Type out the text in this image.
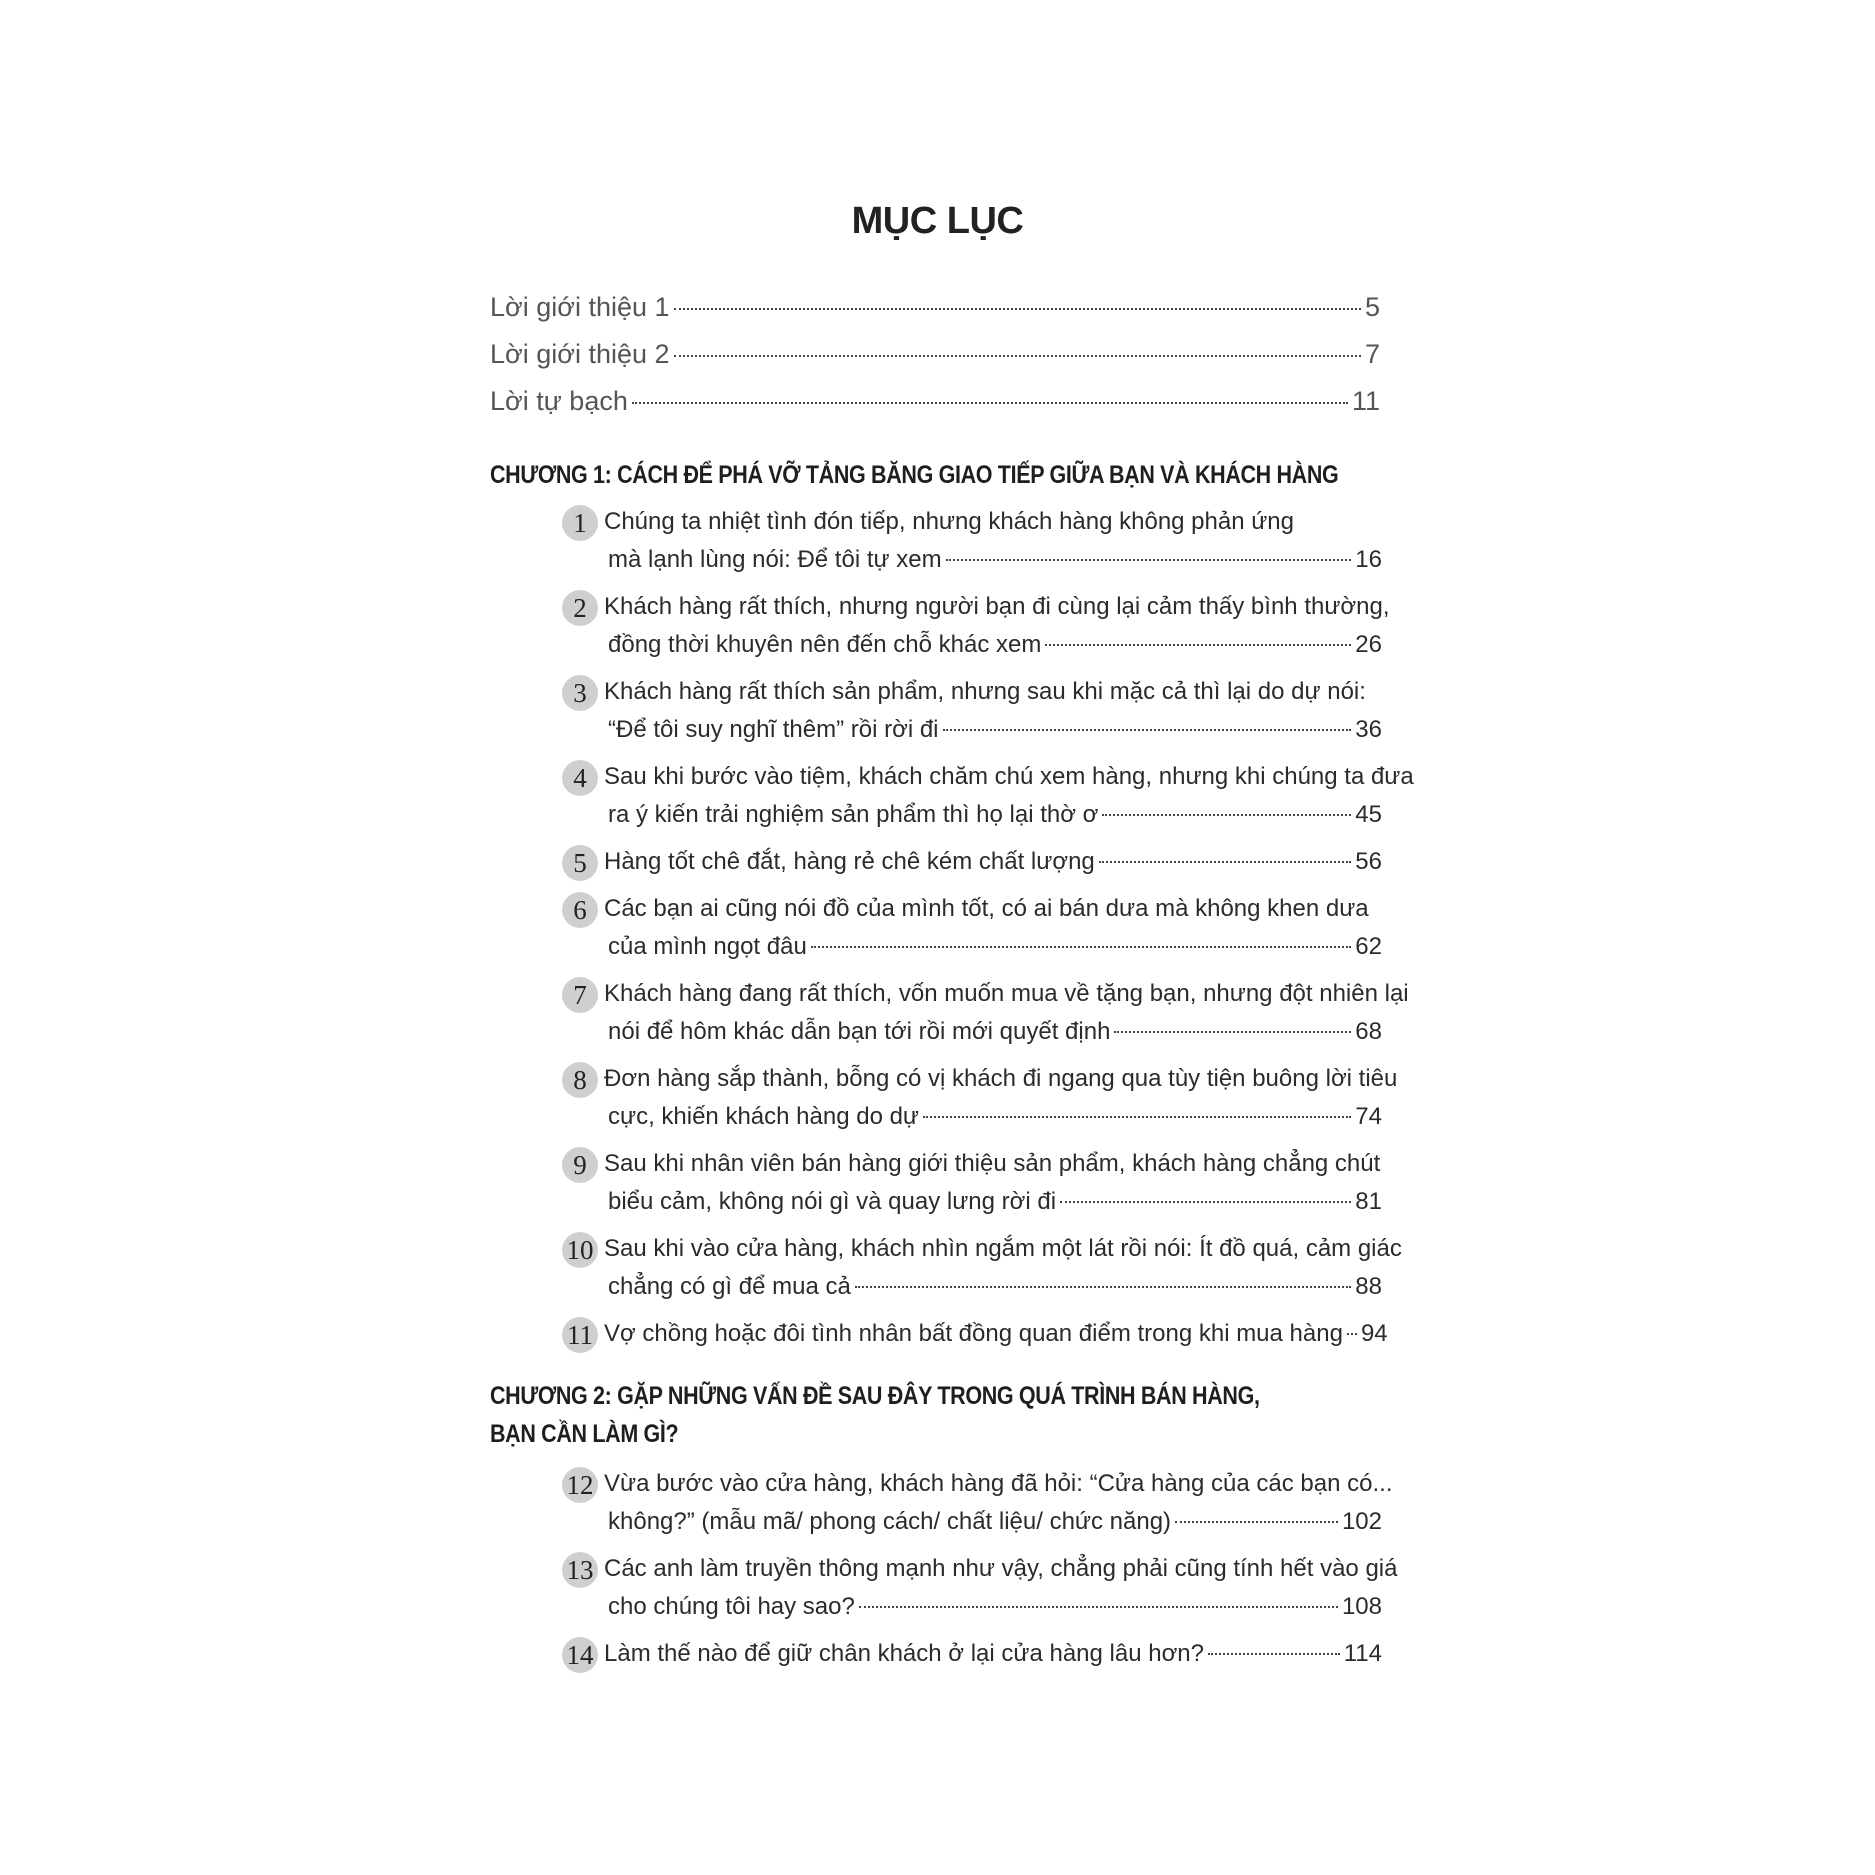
MỤC LỤC
Lời giới thiệu 1	5
Lời giới thiệu 2	7
Lời tự bạch	11
CHƯƠNG 1: CÁCH ĐỂ PHÁ VỠ TẢNG BĂNG GIAO TIẾP GIỮA BẠN VÀ KHÁCH HÀNG
1 Chúng ta nhiệt tình đón tiếp, nhưng khách hàng không phản ứng
mà lạnh lùng nói: Để tôi tự xem	16
2 Khách hàng rất thích, nhưng người bạn đi cùng lại cảm thấy bình thường,
đồng thời khuyên nên đến chỗ khác xem	26
3 Khách hàng rất thích sản phẩm, nhưng sau khi mặc cả thì lại do dự nói:
“Để tôi suy nghĩ thêm” rồi rời đi	36
4 Sau khi bước vào tiệm, khách chăm chú xem hàng, nhưng khi chúng ta đưa
ra ý kiến trải nghiệm sản phẩm thì họ lại thờ ơ	45
5 Hàng tốt chê đắt, hàng rẻ chê kém chất lượng	56
6 Các bạn ai cũng nói đồ của mình tốt, có ai bán dưa mà không khen dưa
của mình ngọt đâu	62
7 Khách hàng đang rất thích, vốn muốn mua về tặng bạn, nhưng đột nhiên lại
nói để hôm khác dẫn bạn tới rồi mới quyết định	68
8 Đơn hàng sắp thành, bỗng có vị khách đi ngang qua tùy tiện buông lời tiêu
cực, khiến khách hàng do dự	74
9 Sau khi nhân viên bán hàng giới thiệu sản phẩm, khách hàng chẳng chút
biểu cảm, không nói gì và quay lưng rời đi	81
10 Sau khi vào cửa hàng, khách nhìn ngắm một lát rồi nói: Ít đồ quá, cảm giác
chẳng có gì để mua cả	88
11 Vợ chồng hoặc đôi tình nhân bất đồng quan điểm trong khi mua hàng 94
CHƯƠNG 2: GẶP NHỮNG VẤN ĐỀ SAU ĐÂY TRONG QUÁ TRÌNH BÁN HÀNG,
BẠN CẦN LÀM GÌ?
12 Vừa bước vào cửa hàng, khách hàng đã hỏi: “Cửa hàng của các bạn có...
không?” (mẫu mã/ phong cách/ chất liệu/ chức năng)	102
13 Các anh làm truyền thông mạnh như vậy, chẳng phải cũng tính hết vào giá
cho chúng tôi hay sao?	108
14 Làm thế nào để giữ chân khách ở lại cửa hàng lâu hơn?	114
